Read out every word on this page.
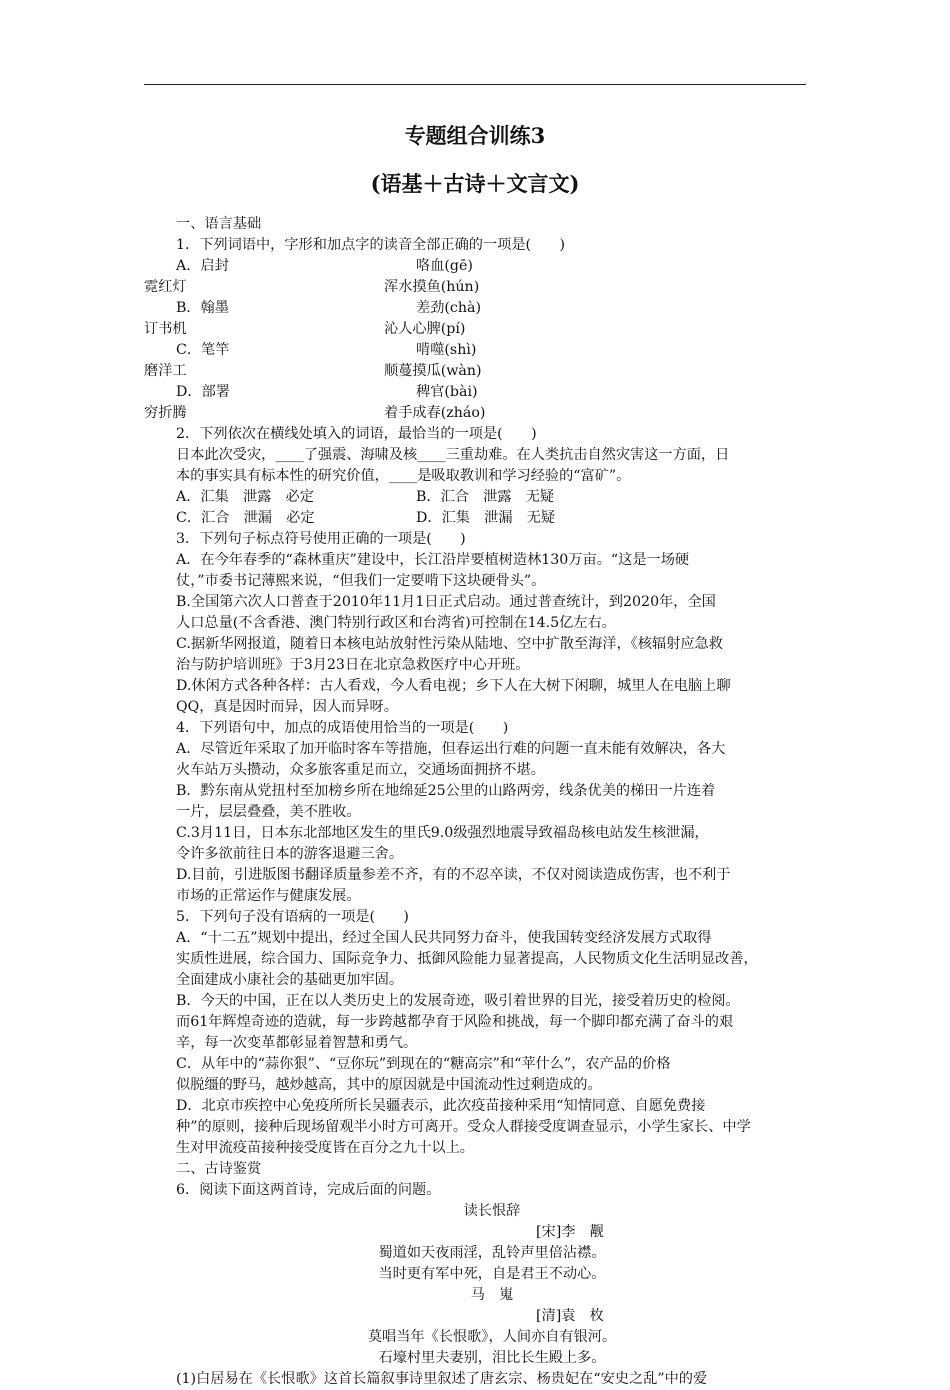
专题组合训练3
(语基＋古诗＋文言文)

一、语言基础

1．下列词语中，字形和加点字的读音全部正确的一项是(　　)

A．启封	咯血(gē)
霓红灯	浑水摸鱼(hún)
B．翰墨	差劲(chà)
订书机	沁人心脾(pí)
C．笔竿	啃噬(shì)
磨洋工	顺蔓摸瓜(wàn)
D．部署	稗官(bài)
穷折腾	着手成春(zháo)

2．下列依次在横线处填入的词语，最恰当的一项是(　　)

日本此次受灾，____了强震、海啸及核____三重劫难。在人类抗击自然灾害这一方面，日

本的事实具有标本性的研究价值，____是吸取教训和学习经验的“富矿”。

A．汇集　泄露　必定	B．汇合　泄露　无疑
C．汇合　泄漏　必定	D．汇集　泄漏　无疑

3．下列句子标点符号使用正确的一项是(　　)

A．在今年春季的“森林重庆”建设中，长江沿岸要植树造林130万亩。“这是一场硬

仗，”市委书记薄熙来说，“但我们一定要啃下这块硬骨头”。

B.全国第六次人口普查于2010年11月1日正式启动。通过普查统计，到2020年，全国

人口总量(不含香港、澳门特别行政区和台湾省)可控制在14.5亿左右。

C.据新华网报道，随着日本核电站放射性污染从陆地、空中扩散至海洋，《核辐射应急救

治与防护培训班》于3月23日在北京急救医疗中心开班。

D.休闲方式各种各样：古人看戏，今人看电视；乡下人在大树下闲聊，城里人在电脑上聊

QQ，真是因时而异，因人而异呀。

4．下列语句中，加点的成语使用恰当的一项是(　　)

A．尽管近年采取了加开临时客车等措施，但春运出行难的问题一直未能有效解决，各大

火车站万头攒动，众多旅客重足而立，交通场面拥挤不堪。

B．黔东南从党扭村至加榜乡所在地绵延25公里的山路两旁，线条优美的梯田一片连着

一片，层层叠叠，美不胜收。

C.3月11日，日本东北部地区发生的里氏9.0级强烈地震导致福岛核电站发生核泄漏，

令许多欲前往日本的游客退避三舍。

D.目前，引进版图书翻译质量参差不齐，有的不忍卒读，不仅对阅读造成伤害，也不利于

市场的正常运作与健康发展。

5．下列句子没有语病的一项是(　　)

A．“十二五”规划中提出，经过全国人民共同努力奋斗，使我国转变经济发展方式取得

实质性进展，综合国力、国际竞争力、抵御风险能力显著提高，人民物质文化生活明显改善，

全面建成小康社会的基础更加牢固。

B．今天的中国，正在以人类历史上的发展奇迹，吸引着世界的目光，接受着历史的检阅。

而61年辉煌奇迹的造就，每一步跨越都孕育于风险和挑战，每一个脚印都充满了奋斗的艰

辛，每一次变革都彰显着智慧和勇气。

C．从年中的“蒜你狠”、“豆你玩”到现在的“糖高宗”和“苹什么”，农产品的价格

似脱缰的野马，越炒越高，其中的原因就是中国流动性过剩造成的。

D．北京市疾控中心免疫所所长吴疆表示，此次疫苗接种采用“知情同意、自愿免费接

种”的原则，接种后现场留观半小时方可离开。受众人群接受度调查显示，小学生家长、中学

生对甲流疫苗接种接受度皆在百分之九十以上。

二、古诗鉴赏

6．阅读下面这两首诗，完成后面的问题。

读长恨辞

[宋]李　觏

蜀道如天夜雨淫，乱铃声里倍沾襟。

当时更有军中死，自是君王不动心。

马　嵬

[清]袁　枚

莫唱当年《长恨歌》，人间亦自有银河。

石壕村里夫妻别，泪比长生殿上多。

(1)白居易在《长恨歌》这首长篇叙事诗里叙述了唐玄宗、杨贵妃在“安史之乱”中的爱
